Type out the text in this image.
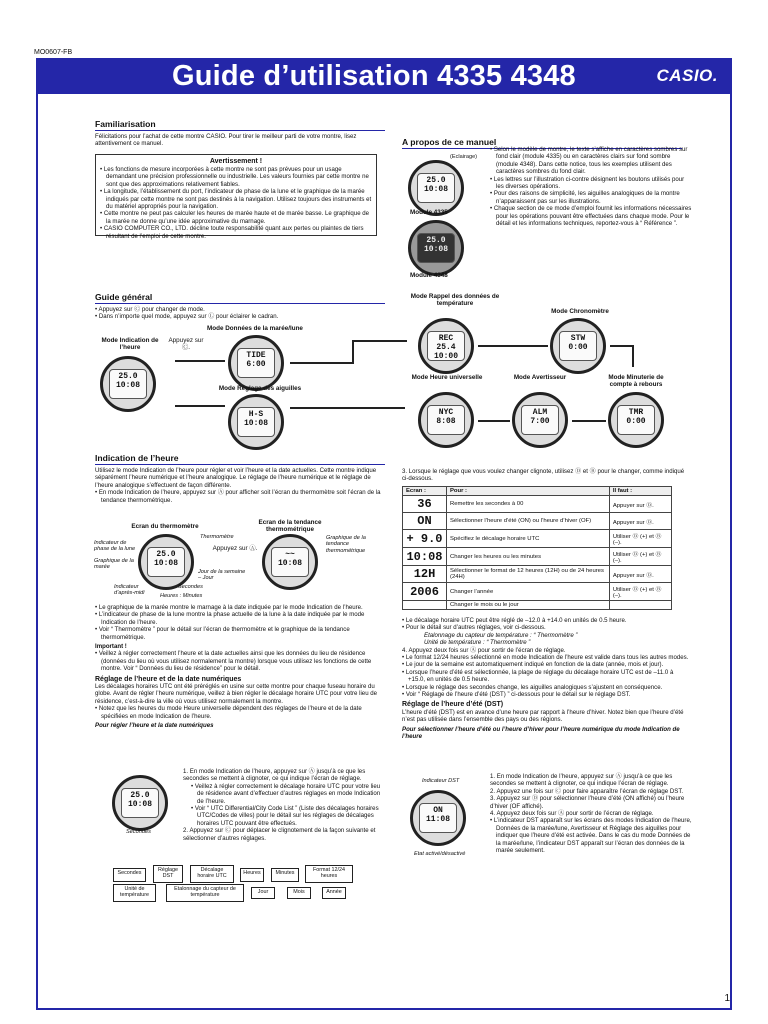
MO0607-FB
Guide d’utilisation 4335 4348	CASIO.
Familiarisation
Félicitations pour l’achat de cette montre CASIO. Pour tirer le meilleur parti de votre montre, lisez attentivement ce manuel.
Avertissement !
• Les fonctions de mesure incorporées à cette montre ne sont pas prévues pour un usage demandant une précision professionnelle ou industrielle. Les valeurs fournies par cette montre ne sont que des approximations relativement fiables.
• La longitude, l’établissement du port, l’indicateur de phase de la lune et le graphique de la marée indiqués par cette montre ne sont pas destinés à la navigation. Utilisez toujours des instruments et du matériel appropriés pour la navigation.
• Cette montre ne peut pas calculer les heures de marée haute et de marée basse. Le graphique de la marée ne donne qu’une idée approximative du marnage.
• CASIO COMPUTER CO., LTD. décline toute responsabilité quant aux pertes ou plaintes de tiers résultant de l’emploi de cette montre.
A propos de ce manuel
(Eclairage)
25.0
10:08
Module 4335
25.0
10:08
Module 4348
• Selon le modèle de montre, le texte s’affiche en caractères sombres sur fond clair (module 4335) ou en caractères clairs sur fond sombre (module 4348). Dans cette notice, tous les exemples utilisent des caractères sombres du fond clair.
• Les lettres sur l’illustration ci-contre désignent les boutons utilisés pour les diverses opérations.
• Pour des raisons de simplicité, les aiguilles analogiques de la montre n’apparaissent pas sur les illustrations.
• Chaque section de ce mode d’emploi fournit les informations nécessaires pour les opérations pouvant être effectuées dans chaque mode. Pour le détail et les informations techniques, reportez-vous à “ Référence ”.
Guide général
• Appuyez sur Ⓒ pour changer de mode.
• Dans n’importe quel mode, appuyez sur Ⓛ pour éclairer le cadran.
Mode Indication de l’heure
Appuyez sur Ⓒ.
25.0 10:08
Mode Données de la marée/lune
TIDE 6:00
Mode Réglage des aiguilles
H-S 10:08
Mode Rappel des données de température
REC 25.4 10:00
Mode Chronomètre
STW 0:00
Mode Heure universelle
NYC 8:08
Mode Avertisseur
ALM 7:00
Mode Minuterie de compte à rebours
TMR 0:00
Indication de l’heure
Utilisez le mode Indication de l’heure pour régler et voir l’heure et la date actuelles. Cette montre indique séparément l’heure numérique et l’heure analogique. Le réglage de l’heure numérique et le réglage de l’heure analogique s’effectuent de façon différente.
• En mode Indication de l’heure, appuyez sur Ⓐ pour afficher soit l’écran du thermomètre soit l’écran de la tendance thermométrique.
Ecran du thermomètre
Ecran de la tendance thermométrique
25.0
10:08
~~
10:08
Thermomètre
Appuyez sur Ⓐ.
Indicateur de phase de la lune
Graphique de la marée
Graphique de la tendance thermométrique
Jour de la semaine – Jour
Indicateur d’après-midi
Secondes
Heures : Minutes
• Le graphique de la marée montre le marnage à la date indiquée par le mode Indication de l’heure.
• L’indicateur de phase de la lune montre la phase actuelle de la lune à la date indiquée par le mode Indication de l’heure.
• Voir “ Thermomètre ” pour le détail sur l’écran de thermomètre et le graphique de la tendance thermométrique.
Important !
• Veillez à régler correctement l’heure et la date actuelles ainsi que les données du lieu de résidence (données du lieu où vous utilisez normalement la montre) lorsque vous utilisez les fonctions de cette montre. Voir “ Données du lieu de résidence” pour le détail.
Réglage de l’heure et de la date numériques
Les décalages horaires UTC ont été préréglés en usine sur cette montre pour chaque fuseau horaire du globe. Avant de régler l’heure numérique, veillez à bien régler le décalage horaire UTC pour votre lieu de résidence, c’est-à-dire la ville où vous utilisez normalement la montre.
• Notez que les heures du mode Heure universelle dépendent des réglages de l’heure et de la date spécifiées en mode Indication de l’heure.
Pour régler l’heure et la date numériques
25.0
10:08
Secondes
1. En mode Indication de l’heure, appuyez sur Ⓐ jusqu’à ce que les secondes se mettent à clignoter, ce qui indique l’écran de réglage.
• Veillez à régler correctement le décalage horaire UTC pour votre lieu de résidence avant d’effectuer d’autres réglages en mode Indication de l’heure.
• Voir “ UTC Differential/City Code List ” (Liste des décalages horaires UTC/Codes de villes) pour le détail sur les réglages de décalages horaires UTC pouvant être effectués.
2. Appuyez sur Ⓒ pour déplacer le clignotement de la façon suivante et sélectionner d’autres réglages.
Secondes	Réglage DST
Décalage horaire UTC	Heures	Minutes	Format 12/24 heures
Année
Mois
Jour
Etalonnage du capteur de température
Unité de température
3. Lorsque le réglage que vous voulez changer clignote, utilisez Ⓓ et Ⓑ pour le changer, comme indiqué ci-dessous.
Ecran :	Pour :	Il faut :
36	Remettre les secondes à 00	Appuyer sur Ⓓ.
ON	Sélectionner l’heure d’été (ON) ou l’heure d’hiver (OF)	Appuyer sur Ⓓ.
+ 9.0	Spécifiez le décalage horaire UTC	Utiliser Ⓓ (+) et Ⓑ (–).
10:08	Changer les heures ou les minutes	Utiliser Ⓓ (+) et Ⓑ (–).
12H	Sélectionner le format de 12 heures (12H) ou de 24 heures (24H)	Appuyer sur Ⓓ.
2006	Changer l’année	Utiliser Ⓓ (+) et Ⓑ (–).
	Changer le mois ou le jour	
• Le décalage horaire UTC peut être réglé de –12.0 à +14.0 en unités de 0.5 heure.
• Pour le détail sur d’autres réglages, voir ci-dessous.
Etalonnage du capteur de température : “ Thermomètre ”
Unité de température : “ Thermomètre ”
4. Appuyez deux fois sur Ⓐ pour sortir de l’écran de réglage.
• Le format 12/24 heures sélectionné en mode Indication de l’heure est valide dans tous les autres modes.
• Le jour de la semaine est automatiquement indiqué en fonction de la date (année, mois et jour).
• Lorsque l’heure d’été est sélectionnée, la plage de réglage du décalage horaire UTC est de –11.0 à +15.0, en unités de 0.5 heure.
• Lorsque le réglage des secondes change, les aiguilles analogiques s’ajustent en conséquence.
• Voir “ Réglage de l’heure d’été (DST) ” ci-dessous pour le détail sur le réglage DST.
Réglage de l’heure d’été (DST)
L’heure d’été (DST) est en avance d’une heure par rapport à l’heure d’hiver. Notez bien que l’heure d’été n’est pas utilisée dans l’ensemble des pays ou des régions.
Pour sélectionner l’heure d’été ou l’heure d’hiver pour l’heure numérique du mode Indication de l’heure
Indicateur DST
ON
11:08
Etat activé/désactivé
1. En mode Indication de l’heure, appuyez sur Ⓐ jusqu’à ce que les secondes se mettent à clignoter, ce qui indique l’écran de réglage.
2. Appuyez une fois sur Ⓒ pour faire apparaître l’écran de réglage DST.
3. Appuyez sur Ⓓ pour sélectionner l’heure d’été (ON affiché) ou l’heure d’hiver (OF affiché).
4. Appuyez deux fois sur Ⓐ pour sortir de l’écran de réglage.
• L’indicateur DST apparaît sur les écrans des modes Indication de l’heure, Données de la marée/lune, Avertisseur et Réglage des aiguilles pour indiquer que l’heure d’été est activée. Dans le cas du mode Données de la marée/lune, l’indicateur DST apparaît sur l’écran des données de la marée seulement.
1
